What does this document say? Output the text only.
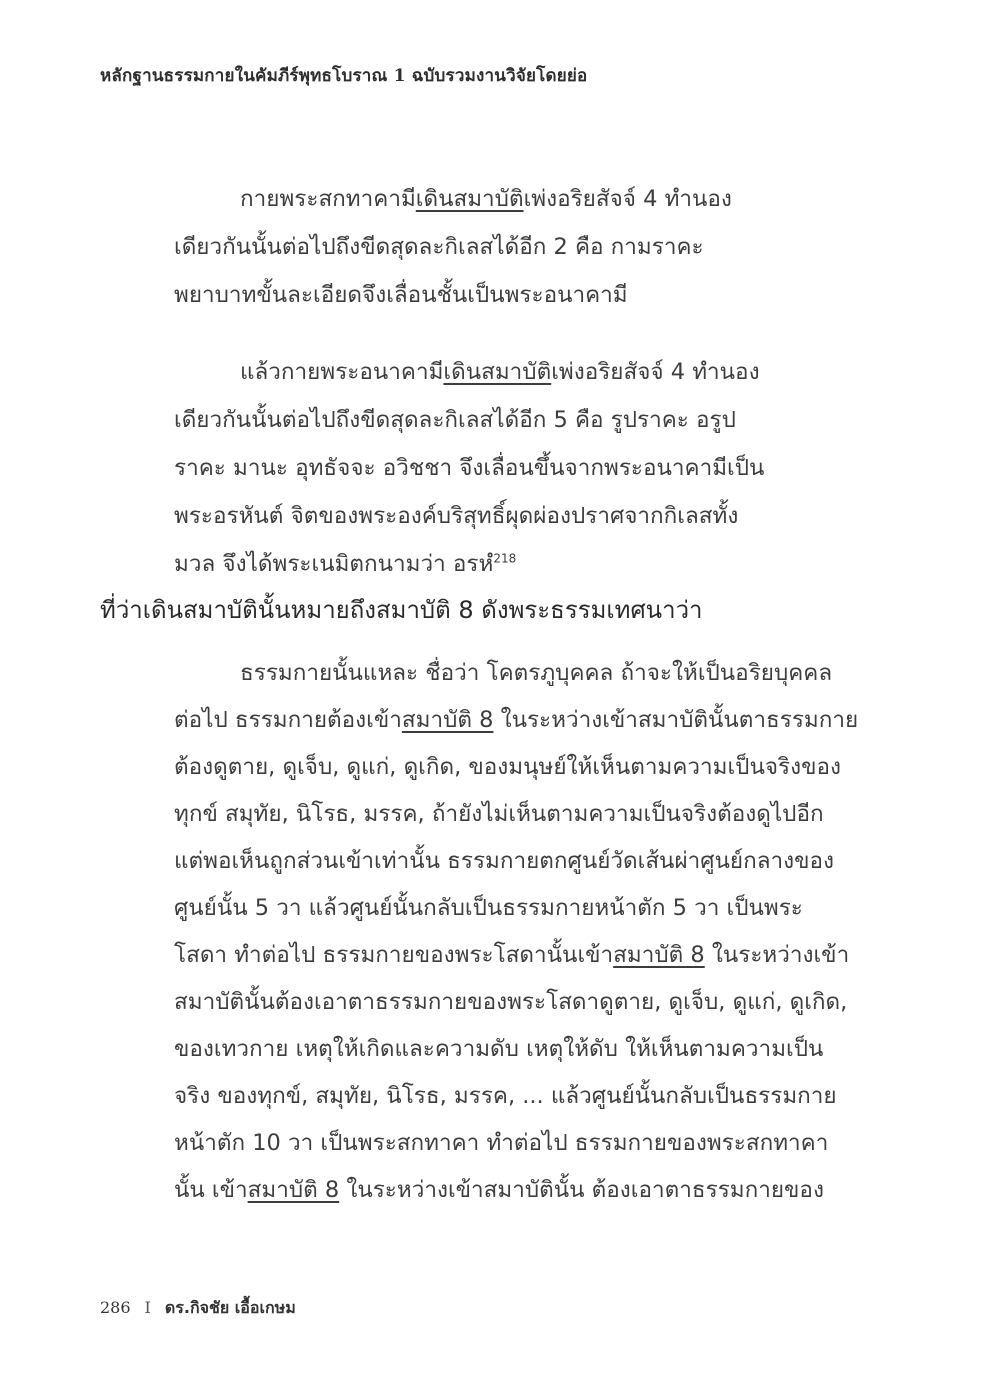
หลักฐานธรรมกายในคัมภีร์พุทธโบราณ 1 ฉบับรวมงานวิจัยโดยย่อ
กายพระสกทาคามีเดินสมาบัติเพ่งอริยสัจจ์ 4 ทำนอง
เดียวกันนั้นต่อไปถึงขีดสุดละกิเลสได้อีก 2 คือ กามราคะ
พยาบาทขั้นละเอียดจึงเลื่อนชั้นเป็นพระอนาคามี
แล้วกายพระอนาคามีเดินสมาบัติเพ่งอริยสัจจ์ 4 ทำนอง
เดียวกันนั้นต่อไปถึงขีดสุดละกิเลสได้อีก 5 คือ รูปราคะ อรูป
ราคะ มานะ อุทธัจจะ อวิชชา จึงเลื่อนขึ้นจากพระอนาคามีเป็น
พระอรหันต์ จิตของพระองค์บริสุทธิ์ผุดผ่องปราศจากกิเลสทั้ง
มวล จึงได้พระเนมิตกนามว่า อรหํ$^{218}$
ที่ว่าเดินสมาบัตินั้นหมายถึงสมาบัติ 8 ดังพระธรรมเทศนาว่า
ธรรมกายนั้นแหละ ชื่อว่า โคตรภูบุคคล ถ้าจะให้เป็นอริยบุคคล
ต่อไป ธรรมกายต้องเข้าสมาบัติ 8 ในระหว่างเข้าสมาบัตินั้นตาธรรมกาย
ต้องดูตาย, ดูเจ็บ, ดูแก่, ดูเกิด, ของมนุษย์ให้เห็นตามความเป็นจริงของ
ทุกข์ สมุทัย, นิโรธ, มรรค, ถ้ายังไม่เห็นตามความเป็นจริงต้องดูไปอีก
แต่พอเห็นถูกส่วนเข้าเท่านั้น ธรรมกายตกศูนย์วัดเส้นผ่าศูนย์กลางของ
ศูนย์นั้น 5 วา แล้วศูนย์นั้นกลับเป็นธรรมกายหน้าตัก 5 วา เป็นพระ
โสดา ทำต่อไป ธรรมกายของพระโสดานั้นเข้าสมาบัติ 8 ในระหว่างเข้า
สมาบัตินั้นต้องเอาตาธรรมกายของพระโสดาดูตาย, ดูเจ็บ, ดูแก่, ดูเกิด,
ของเทวกาย เหตุให้เกิดและความดับ เหตุให้ดับ ให้เห็นตามความเป็น
จริง ของทุกข์, สมุทัย, นิโรธ, มรรค, ... แล้วศูนย์นั้นกลับเป็นธรรมกาย
หน้าตัก 10 วา เป็นพระสกทาคา ทำต่อไป ธรรมกายของพระสกทาคา
นั้น เข้าสมาบัติ 8 ในระหว่างเข้าสมาบัตินั้น ต้องเอาตาธรรมกายของ
286 I ดร.กิจชัย เอื้อเกษม
